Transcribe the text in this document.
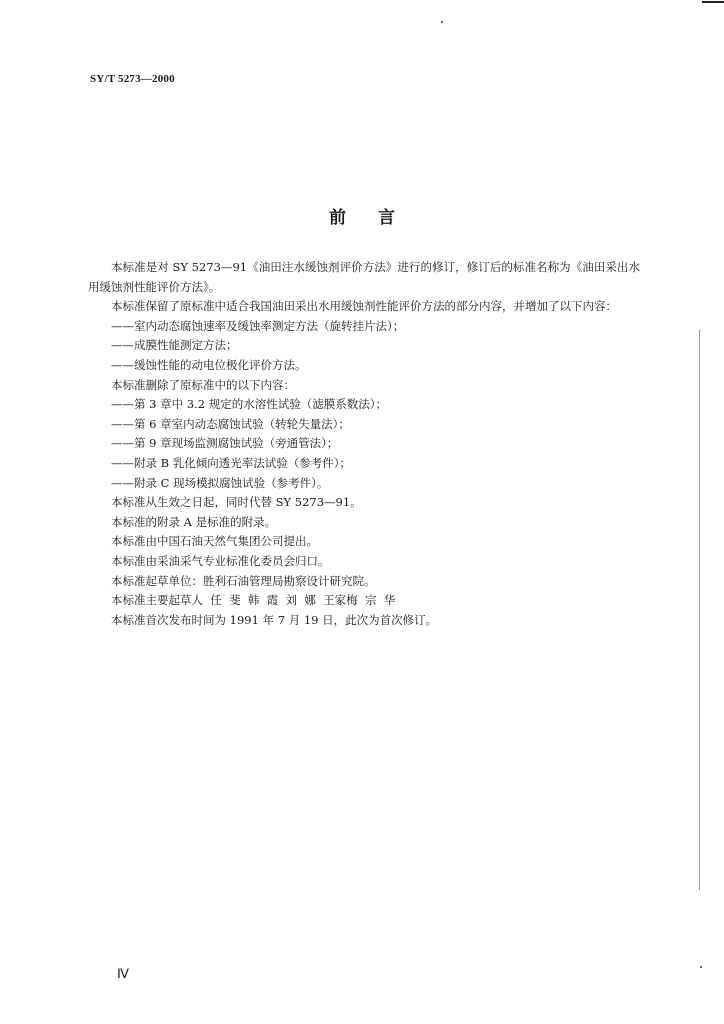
SY/T 5273—2000
前言

本标准是对 SY 5273—91《油田注水缓蚀剂评价方法》进行的修订，修订后的标准名称为《油田采出水用缓蚀剂性能评价方法》。

本标准保留了原标准中适合我国油田采出水用缓蚀剂性能评价方法的部分内容，并增加了以下内容：

——室内动态腐蚀速率及缓蚀率测定方法（旋转挂片法）；

——成膜性能测定方法；

——缓蚀性能的动电位极化评价方法。

本标准删除了原标准中的以下内容：

——第 3 章中 3.2 规定的水溶性试验（滤膜系数法）；

——第 6 章室内动态腐蚀试验（转轮失量法）；

——第 9 章现场监测腐蚀试验（旁通管法）；

——附录 B 乳化倾向透光率法试验（参考件）；

——附录 C 现场模拟腐蚀试验（参考件）。

本标准从生效之日起，同时代替 SY 5273—91。

本标准的附录 A 是标准的附录。

本标准由中国石油天然气集团公司提出。

本标准由采油采气专业标准化委员会归口。

本标准起草单位：胜利石油管理局勘察设计研究院。

本标准主要起草人  任  斐  韩  霞  刘  娜  王家梅  宗  华

本标准首次发布时间为 1991 年 7 月 19 日，此次为首次修订。

Ⅳ
